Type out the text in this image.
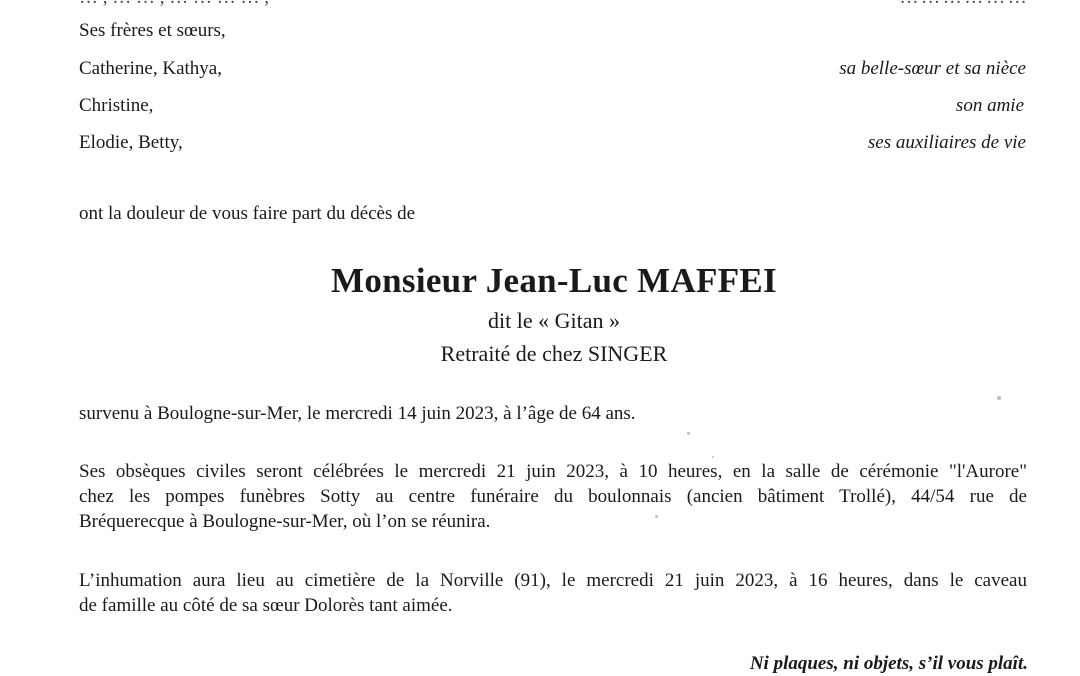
Ses frères et sœurs,
Catherine, Kathya,	sa belle-sœur et sa nièce
Christine,	son amie
Elodie, Betty,	ses auxiliaires de vie
ont la douleur de vous faire part du décès de
Monsieur Jean-Luc MAFFEI
dit le « Gitan »
Retraité de chez SINGER
survenu à Boulogne-sur-Mer, le mercredi 14 juin 2023, à l’âge de 64 ans.
Ses obsèques civiles seront célébrées le mercredi 21 juin 2023, à 10 heures, en la salle de cérémonie "l'Aurore"
chez les pompes funèbres Sotty au centre funéraire du boulonnais (ancien bâtiment Trollé), 44/54 rue de
Bréquerecque à Boulogne-sur-Mer, où l’on se réunira.
L’inhumation aura lieu au cimetière de la Norville (91), le mercredi 21 juin 2023, à 16 heures, dans le caveau
de famille au côté de sa sœur Dolorès tant aimée.
Ni plaques, ni objets, s’il vous plaît.
